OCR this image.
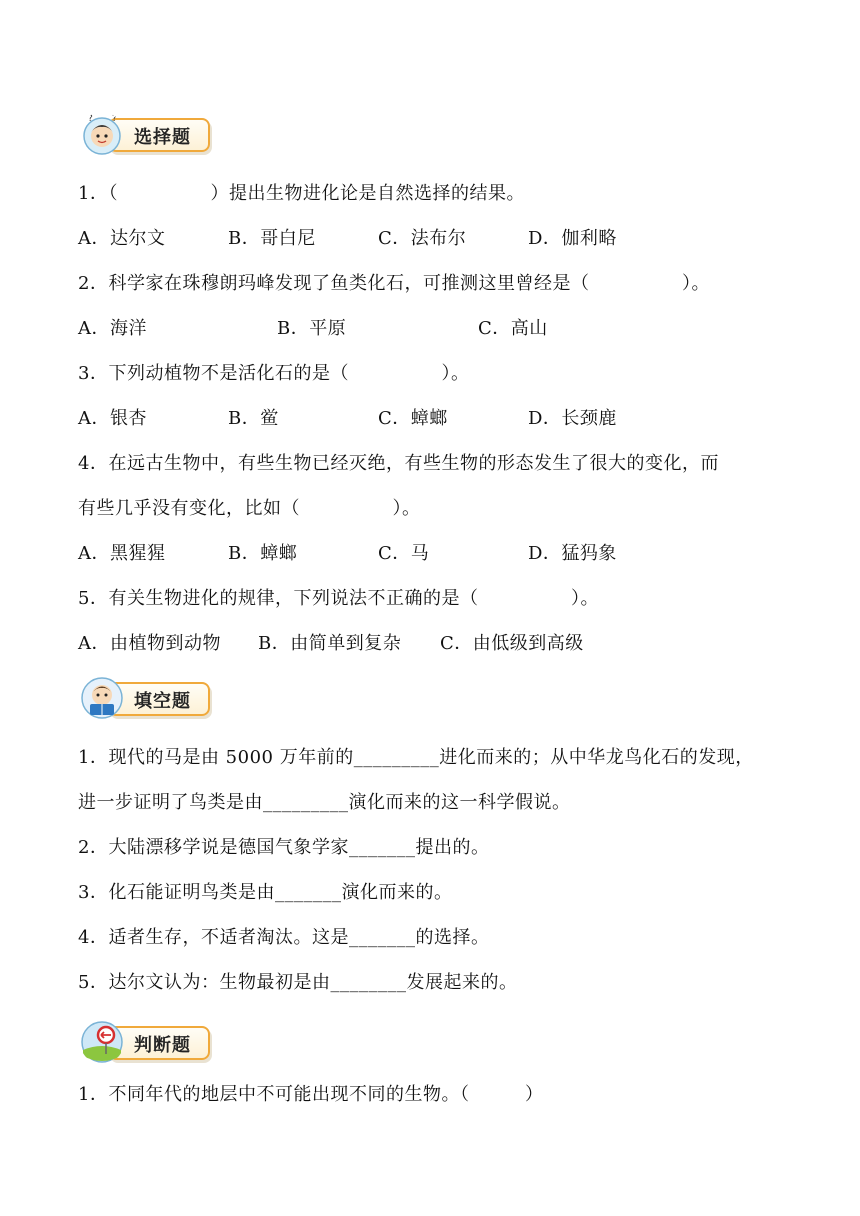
选择题
? ?
1．（　　　　　）提出生物进化论是自然选择的结果。
A．达尔文	B．哥白尼	C．法布尔	D．伽利略
2．科学家在珠穆朗玛峰发现了鱼类化石，可推测这里曾经是（　　　　　）。
A．海洋	B．平原	C．高山
3．下列动植物不是活化石的是（　　　　　）。
A．银杏	B．鲎	C．蟑螂	D．长颈鹿
4．在远古生物中，有些生物已经灭绝，有些生物的形态发生了很大的变化，而
有些几乎没有变化，比如（　　　　　）。
A．黑猩猩	B．蟑螂	C．马	D．猛犸象
5．有关生物进化的规律，下列说法不正确的是（　　　　　）。
A．由植物到动物 B．由简单到复杂 C．由低级到高级
填空题
1．现代的马是由 5000 万年前的_________进化而来的；从中华龙鸟化石的发现，
进一步证明了鸟类是由_________演化而来的这一科学假说。
2．大陆漂移学说是德国气象学家_______提出的。
3．化石能证明鸟类是由_______演化而来的。
4．适者生存，不适者淘汰。这是_______的选择。
5．达尔文认为：生物最初是由________发展起来的。
判断题
1．不同年代的地层中不可能出现不同的生物。（　　　）
